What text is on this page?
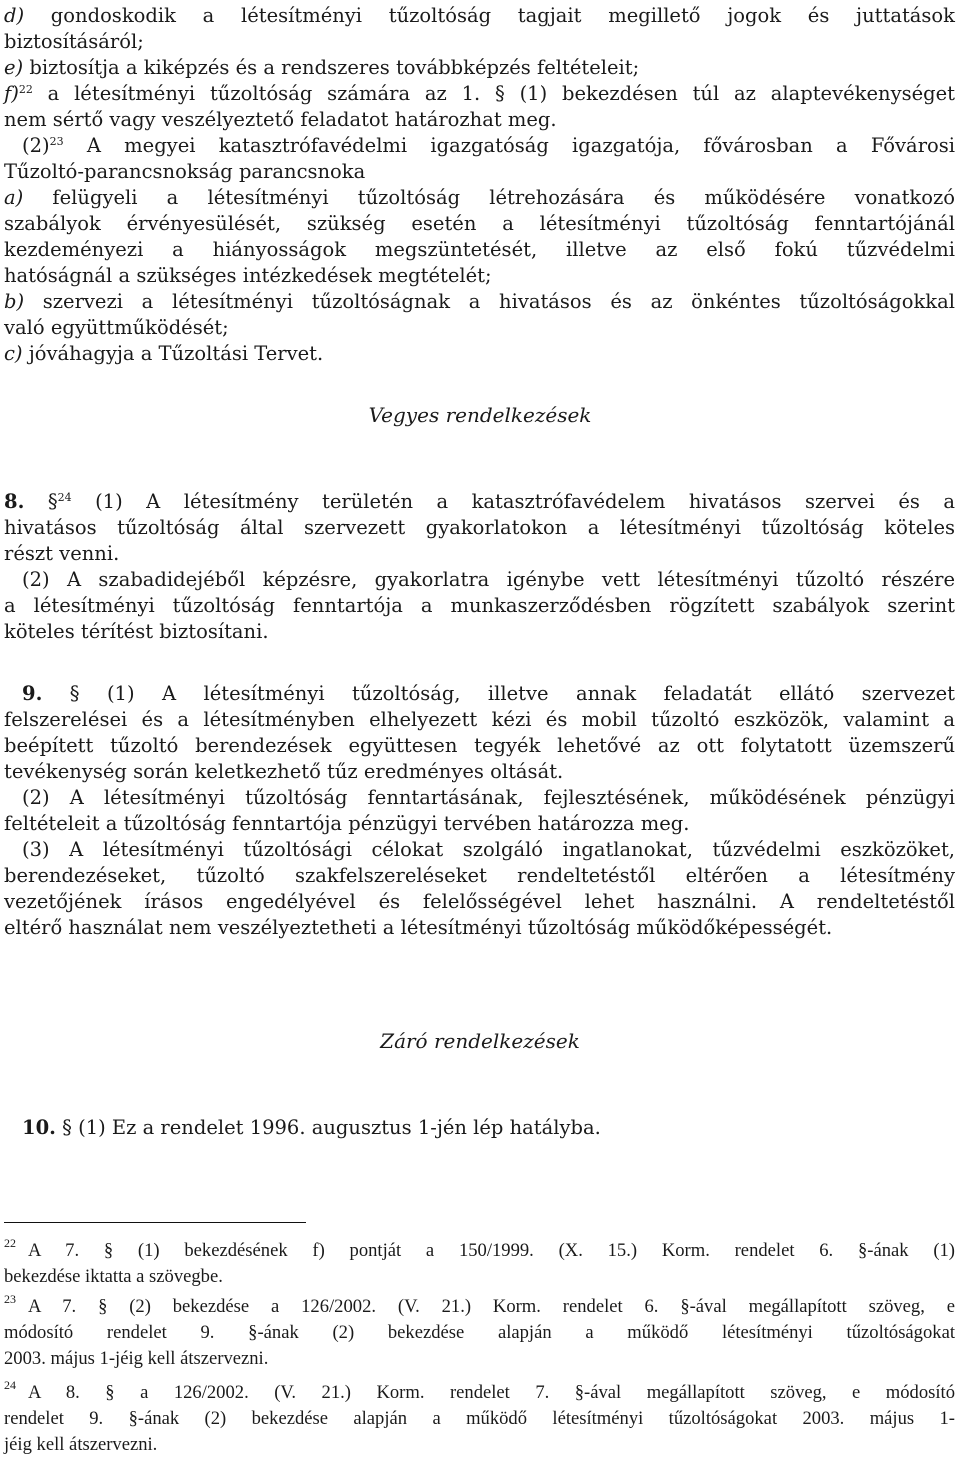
d) gondoskodik a létesítményi tűzoltóság tagjait megillető jogok és juttatások
biztosításáról;
e) biztosítja a kiképzés és a rendszeres továbbképzés feltételeit;
f)$^{22}$ a létesítményi tűzoltóság számára az 1. § (1) bekezdésen túl az alaptevékenységet
nem sértő vagy veszélyeztető feladatot határozhat meg.
(2)$^{23}$ A megyei katasztrófavédelmi igazgatóság igazgatója, fővárosban a Fővárosi
Tűzoltó-parancsnokság parancsnoka
a) felügyeli a létesítményi tűzoltóság létrehozására és működésére vonatkozó
szabályok érvényesülését, szükség esetén a létesítményi tűzoltóság fenntartójánál
kezdeményezi a hiányosságok megszüntetését, illetve az első fokú tűzvédelmi
hatóságnál a szükséges intézkedések megtételét;
b) szervezi a létesítményi tűzoltóságnak a hivatásos és az önkéntes tűzoltóságokkal
való együttműködését;
c) jóváhagyja a Tűzoltási Tervet.
Vegyes rendelkezések
8. §$^{24}$ (1) A létesítmény területén a katasztrófavédelem hivatásos szervei és a
hivatásos tűzoltóság által szervezett gyakorlatokon a létesítményi tűzoltóság köteles
részt venni.
(2) A szabadidejéből képzésre, gyakorlatra igénybe vett létesítményi tűzoltó részére
a létesítményi tűzoltóság fenntartója a munkaszerződésben rögzített szabályok szerint
köteles térítést biztosítani.
9. § (1) A létesítményi tűzoltóság, illetve annak feladatát ellátó szervezet
felszerelései és a létesítményben elhelyezett kézi és mobil tűzoltó eszközök, valamint a
beépített tűzoltó berendezések együttesen tegyék lehetővé az ott folytatott üzemszerű
tevékenység során keletkezhető tűz eredményes oltását.
(2) A létesítményi tűzoltóság fenntartásának, fejlesztésének, működésének pénzügyi
feltételeit a tűzoltóság fenntartója pénzügyi tervében határozza meg.
(3) A létesítményi tűzoltósági célokat szolgáló ingatlanokat, tűzvédelmi eszközöket,
berendezéseket, tűzoltó szakfelszereléseket rendeltetéstől eltérően a létesítmény
vezetőjének írásos engedélyével és felelősségével lehet használni. A rendeltetéstől
eltérő használat nem veszélyeztetheti a létesítményi tűzoltóság működőképességét.
Záró rendelkezések
10. § (1) Ez a rendelet 1996. augusztus 1-jén lép hatályba.
$^{22}$ A 7. § (1) bekezdésének f) pontját a 150/1999. (X. 15.) Korm. rendelet 6. §-ának (1)
bekezdése iktatta a szövegbe.
$^{23}$ A 7. § (2) bekezdése a 126/2002. (V. 21.) Korm. rendelet 6. §-ával megállapított szöveg, e
módosító rendelet 9. §-ának (2) bekezdése alapján a működő létesítményi tűzoltóságokat
2003. május 1-jéig kell átszervezni.
$^{24}$ A 8. § a 126/2002. (V. 21.) Korm. rendelet 7. §-ával megállapított szöveg, e módosító
rendelet 9. §-ának (2) bekezdése alapján a működő létesítményi tűzoltóságokat 2003. május 1-
jéig kell átszervezni.
